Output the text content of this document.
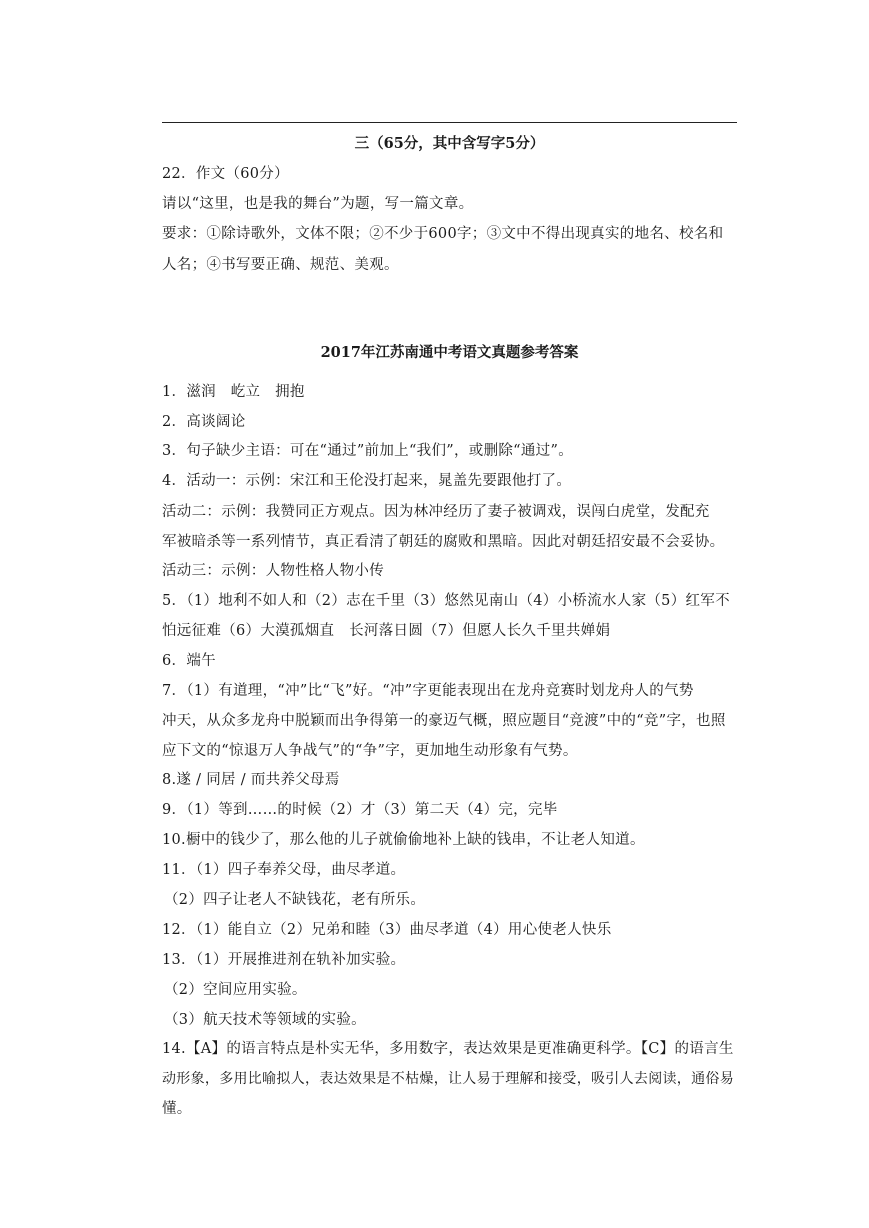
三（65分，其中含写字5分）
22．作文（60分）
请以“这里，也是我的舞台”为题，写一篇文章。
要求：①除诗歌外，文体不限；②不少于600字；③文中不得出现真实的地名、校名和
人名；④书写要正确、规范、美观。
2017年江苏南通中考语文真题参考答案
1．滋润　屹立　拥抱
2．高谈阔论
3．句子缺少主语：可在“通过”前加上“我们”，或删除“通过”。
4．活动一：示例：宋江和王伦没打起来，晁盖先要跟他打了。
活动二：示例：我赞同正方观点。因为林冲经历了妻子被调戏，误闯白虎堂，发配充
军被暗杀等一系列情节，真正看清了朝廷的腐败和黑暗。因此对朝廷招安最不会妥协。
活动三：示例：人物性格人物小传
5．（1）地利不如人和（2）志在千里（3）悠然见南山（4）小桥流水人家（5）红军不
怕远征难（6）大漠孤烟直　长河落日圆（7）但愿人长久千里共婵娟
6．端午
7．（1）有道理，“冲”比“飞”好。“冲”字更能表现出在龙舟竞赛时划龙舟人的气势
冲天，从众多龙舟中脱颖而出争得第一的豪迈气概，照应题目“竞渡”中的“竞”字，也照
应下文的“惊退万人争战气”的“争”字，更加地生动形象有气势。
8.遂 / 同居 / 而共养父母焉
9．（1）等到……的时候（2）才（3）第二天（4）完，完毕
10.橱中的钱少了，那么他的儿子就偷偷地补上缺的钱串，不让老人知道。
11．（1）四子奉养父母，曲尽孝道。
（2）四子让老人不缺钱花，老有所乐。
12．（1）能自立（2）兄弟和睦（3）曲尽孝道（4）用心使老人快乐
13．（1）开展推进剂在轨补加实验。
（2）空间应用实验。
（3）航天技术等领域的实验。
14.【A】的语言特点是朴实无华，多用数字，表达效果是更准确更科学。【C】的语言生
动形象，多用比喻拟人，表达效果是不枯燥，让人易于理解和接受，吸引人去阅读，通俗易
懂。
